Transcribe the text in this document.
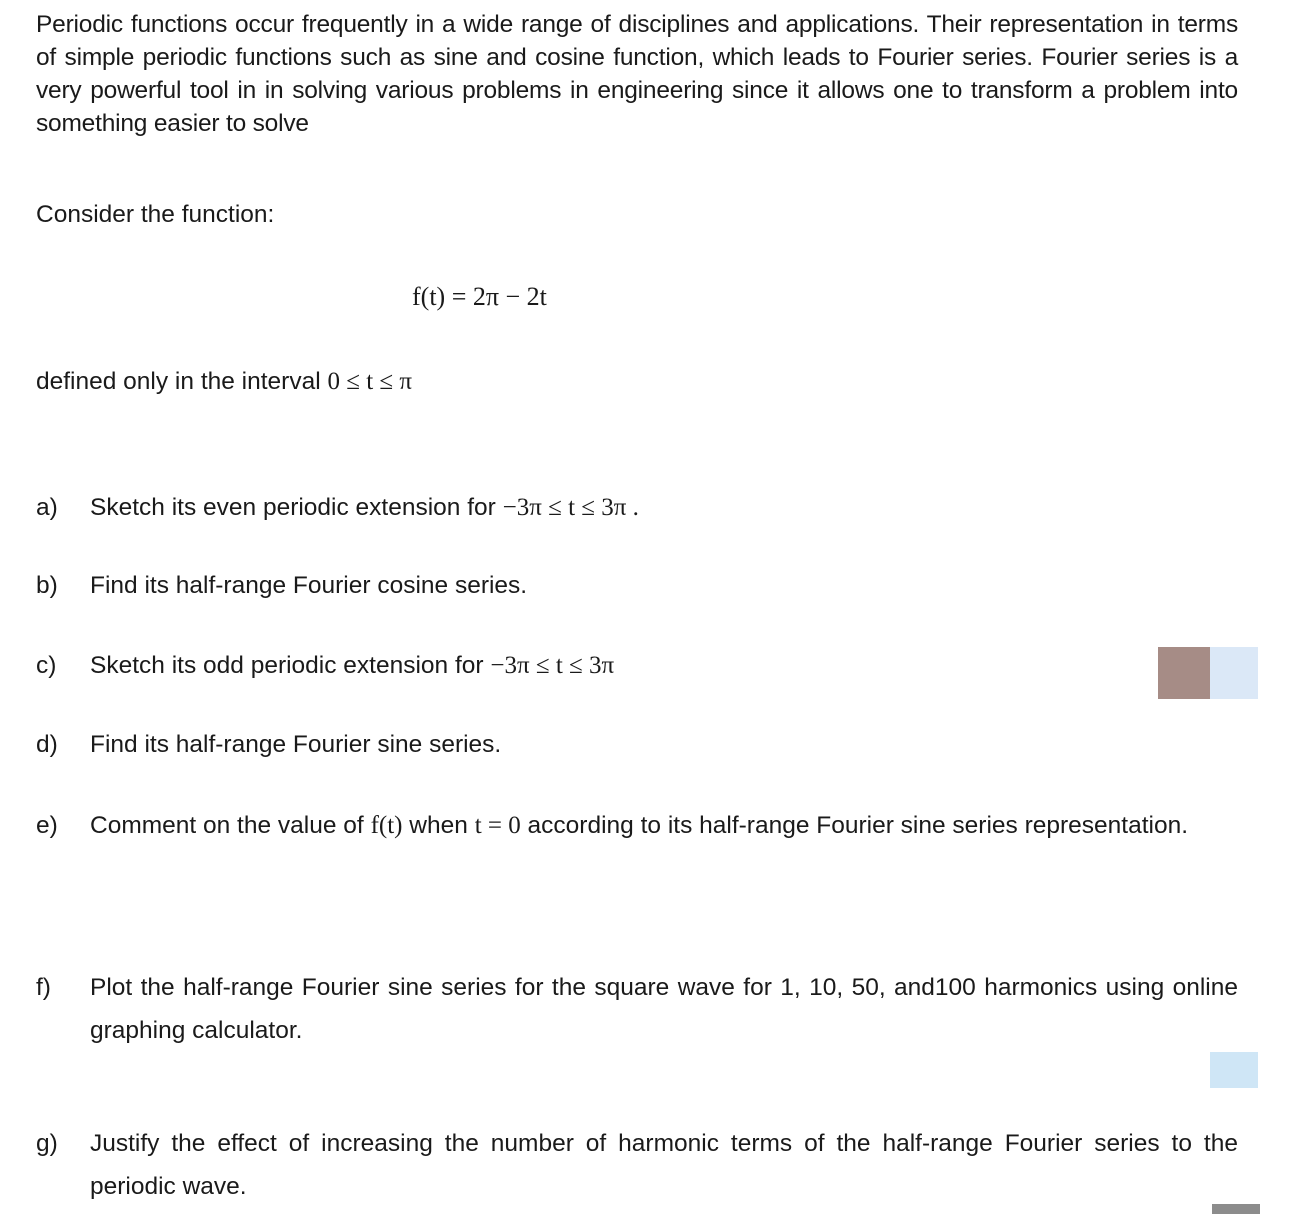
Periodic functions occur frequently in a wide range of disciplines and applications. Their representation in terms of simple periodic functions such as sine and cosine function, which leads to Fourier series. Fourier series is a very powerful tool in in solving various problems in engineering since it allows one to transform a problem into something easier to solve
Consider the function:
f(t) = 2π − 2t
defined only in the interval 0 ≤ t ≤ π
a) Sketch its even periodic extension for −3π ≤ t ≤ 3π .
b) Find its half-range Fourier cosine series.
c) Sketch its odd periodic extension for −3π ≤ t ≤ 3π
d) Find its half-range Fourier sine series.
e) Comment on the value of f(t) when t = 0 according to its half-range Fourier sine series representation.
f) Plot the half-range Fourier sine series for the square wave for 1, 10, 50, and100 harmonics using online graphing calculator.
g) Justify the effect of increasing the number of harmonic terms of the half-range Fourier series to the periodic wave.
